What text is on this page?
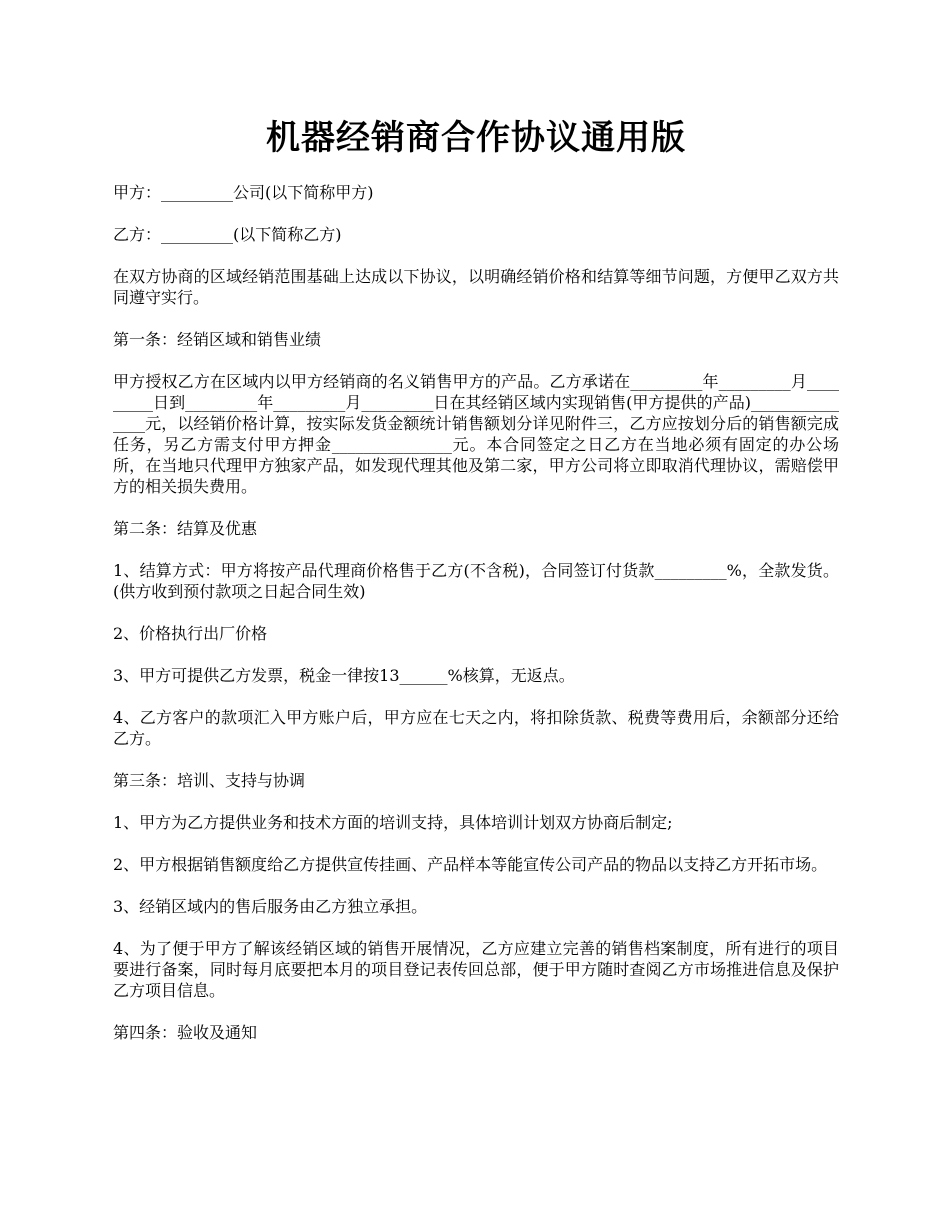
机器经销商合作协议通用版

甲方：_________公司(以下简称甲方)

乙方：_________(以下简称乙方)

在双方协商的区域经销范围基础上达成以下协议，以明确经销价格和结算等细节问题，方便甲乙双方共同遵守实行。

第一条：经销区域和销售业绩

甲方授权乙方在区域内以甲方经销商的名义销售甲方的产品。乙方承诺在_________年_________月_________日到_________年_________月_________日在其经销区域内实现销售(甲方提供的产品)_______________元，以经销价格计算，按实际发货金额统计销售额划分详见附件三，乙方应按划分后的销售额完成任务，另乙方需支付甲方押金_______________元。本合同签定之日乙方在当地必须有固定的办公场所，在当地只代理甲方独家产品，如发现代理其他及第二家，甲方公司将立即取消代理协议，需赔偿甲方的相关损失费用。

第二条：结算及优惠

1、结算方式：甲方将按产品代理商价格售于乙方(不含税)，合同签订付货款_________%，全款发货。(供方收到预付款项之日起合同生效)

2、价格执行出厂价格

3、甲方可提供乙方发票，税金一律按13______%核算，无返点。

4、乙方客户的款项汇入甲方账户后，甲方应在七天之内，将扣除货款、税费等费用后，余额部分还给乙方。

第三条：培训、支持与协调

1、甲方为乙方提供业务和技术方面的培训支持，具体培训计划双方协商后制定;

2、甲方根据销售额度给乙方提供宣传挂画、产品样本等能宣传公司产品的物品以支持乙方开拓市场。

3、经销区域内的售后服务由乙方独立承担。

4、为了便于甲方了解该经销区域的销售开展情况，乙方应建立完善的销售档案制度，所有进行的项目要进行备案，同时每月底要把本月的项目登记表传回总部，便于甲方随时查阅乙方市场推进信息及保护乙方项目信息。

第四条：验收及通知
